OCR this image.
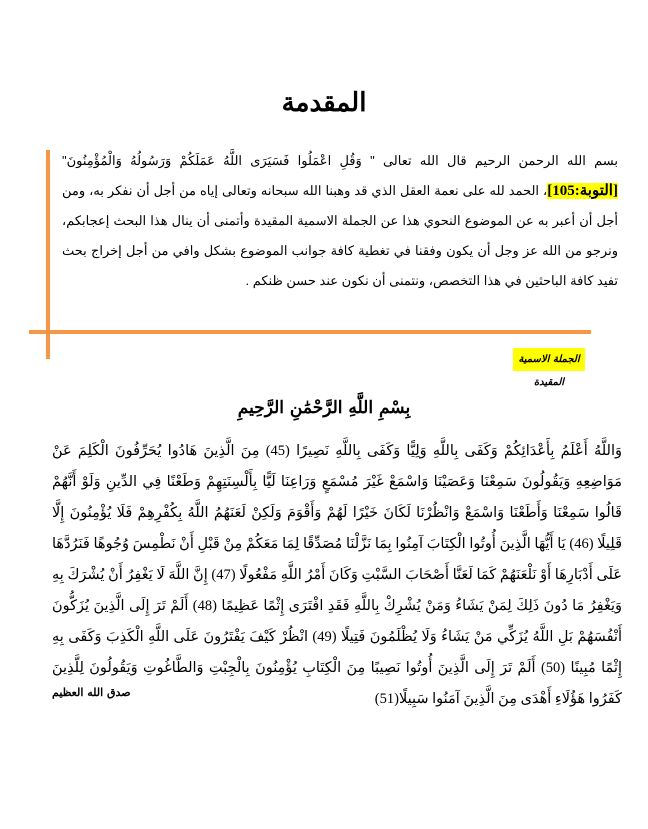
المقدمة

بسم الله الرحمن الرحيم قال الله تعالى " وَقُلِ اعْمَلُوا فَسَيَرَى اللَّهُ عَمَلَكُمْ وَرَسُولُهُ وَالْمُؤْمِنُونَ" [التوبة:105]، الحمد لله على نعمة العقل الذي قد وهبنا الله سبحانه وتعالى إياه من أجل أن نفكر به، ومن أجل أن أعبر به عن الموضوع النحوي هذا عن الجملة الاسمية المقيدة وأتمنى أن ينال هذا البحث إعجابكم، ونرجو من الله عز وجل أن يكون وفقنا في تغطية كافة جوانب الموضوع بشكل وافي من أجل إخراج بحث تفيد كافة الباحثين في هذا التخصص، ونتمنى أن نكون عند حسن ظنكم .

الجملة الاسمية المقيدة
بِسْمِ اللَّهِ الرَّحْمَٰنِ الرَّحِيمِ

وَاللَّهُ أَعْلَمُ بِأَعْدَائِكُمْ وَكَفَى بِاللَّهِ وَلِيًّا وَكَفَى بِاللَّهِ نَصِيرًا (45) مِنَ الَّذِينَ هَادُوا يُحَرِّفُونَ الْكَلِمَ عَنْ مَوَاضِعِهِ وَيَقُولُونَ سَمِعْنَا وَعَصَيْنَا وَاسْمَعْ غَيْرَ مُسْمَعٍ وَرَاعِنَا لَيًّا بِأَلْسِنَتِهِمْ وَطَعْنًا فِي الدِّينِ وَلَوْ أَنَّهُمْ قَالُوا سَمِعْنَا وَأَطَعْنَا وَاسْمَعْ وَانْظُرْنَا لَكَانَ خَيْرًا لَهُمْ وَأَقْوَمَ وَلَكِنْ لَعَنَهُمُ اللَّهُ بِكُفْرِهِمْ فَلَا يُؤْمِنُونَ إِلَّا قَلِيلًا (46) يَا أَيُّهَا الَّذِينَ أُوتُوا الْكِتَابَ آمِنُوا بِمَا نَزَّلْنَا مُصَدِّقًا لِمَا مَعَكُمْ مِنْ قَبْلِ أَنْ نَطْمِسَ وُجُوهًا فَنَرُدَّهَا عَلَى أَدْبَارِهَا أَوْ نَلْعَنَهُمْ كَمَا لَعَنَّا أَصْحَابَ السَّبْتِ وَكَانَ أَمْرُ اللَّهِ مَفْعُولًا (47) إِنَّ اللَّهَ لَا يَغْفِرُ أَنْ يُشْرَكَ بِهِ وَيَغْفِرُ مَا دُونَ ذَلِكَ لِمَنْ يَشَاءُ وَمَنْ يُشْرِكْ بِاللَّهِ فَقَدِ افْتَرَى إِثْمًا عَظِيمًا (48) أَلَمْ تَرَ إِلَى الَّذِينَ يُزَكُّونَ أَنْفُسَهُمْ بَلِ اللَّهُ يُزَكِّي مَنْ يَشَاءُ وَلَا يُظْلَمُونَ فَتِيلًا (49) انْظُرْ كَيْفَ يَفْتَرُونَ عَلَى اللَّهِ الْكَذِبَ وَكَفَى بِهِ إِثْمًا مُبِينًا (50) أَلَمْ تَرَ إِلَى الَّذِينَ أُوتُوا نَصِيبًا مِنَ الْكِتَابِ يُؤْمِنُونَ بِالْجِبْتِ وَالطَّاغُوتِ وَيَقُولُونَ لِلَّذِينَ كَفَرُوا هَؤُلَاءِ أَهْدَى مِنَ الَّذِينَ آمَنُوا سَبِيلًا(51)

صدق الله العظيم
